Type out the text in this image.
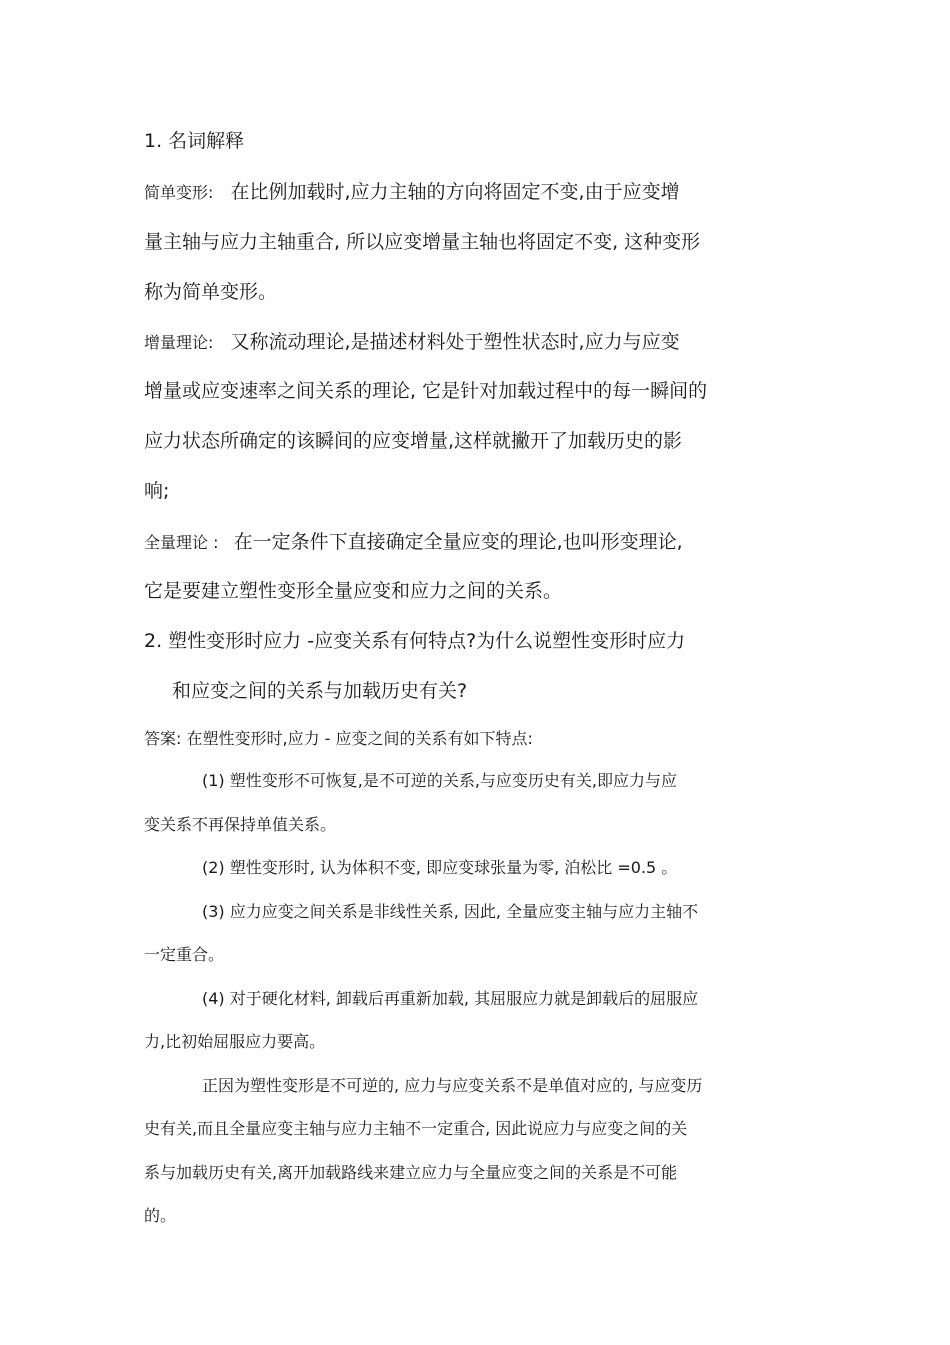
1. 名词解释
简单变形: 在比例加载时,应力主轴的方向将固定不变,由于应变增
量主轴与应力主轴重合, 所以应变增量主轴也将固定不变, 这种变形
称为简单变形。
增量理论: 又称流动理论,是描述材料处于塑性状态时,应力与应变
增量或应变速率之间关系的理论, 它是针对加载过程中的每一瞬间的
应力状态所确定的该瞬间的应变增量,这样就撇开了加载历史的影
响;
全量理论 : 在一定条件下直接确定全量应变的理论,也叫形变理论,
它是要建立塑性变形全量应变和应力之间的关系。
2. 塑性变形时应力 -应变关系有何特点?为什么说塑性变形时应力
和应变之间的关系与加载历史有关?
答案: 在塑性变形时,应力 - 应变之间的关系有如下特点:
(1) 塑性变形不可恢复,是不可逆的关系,与应变历史有关,即应力与应
变关系不再保持单值关系。
(2) 塑性变形时, 认为体积不变, 即应变球张量为零, 泊松比 =0.5 。
(3) 应力应变之间关系是非线性关系, 因此, 全量应变主轴与应力主轴不
一定重合。
(4) 对于硬化材料, 卸载后再重新加载, 其屈服应力就是卸载后的屈服应
力,比初始屈服应力要高。
正因为塑性变形是不可逆的, 应力与应变关系不是单值对应的, 与应变历
史有关,而且全量应变主轴与应力主轴不一定重合, 因此说应力与应变之间的关
系与加载历史有关,离开加载路线来建立应力与全量应变之间的关系是不可能
的。
